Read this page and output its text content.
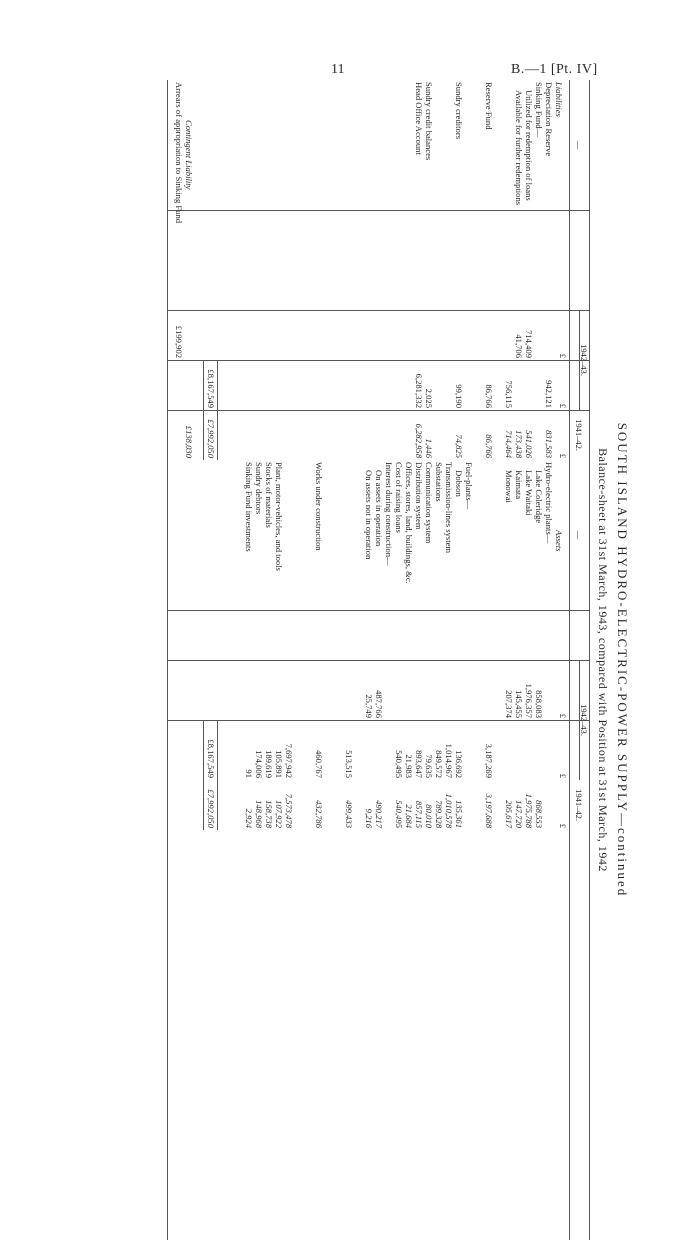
11	B.—1 [Pt. IV]
SOUTH ISLAND HYDRO-ELECTRIC-POWER SUPPLY—continued
Balance-sheet at 31st March, 1943, compared with Position at 31st March, 1942
—
1942–43.
1941–42.
—
1942–43.
1941–42.
£
£
£
£
£
£
Liabilities
Depreciation Reserve
942,121
831,583
Sinking Fund—
Utilized for redemption of loans
714,409
Available for further redemptions
41,706
541,026
173,438
756,115
714,464
Reserve Fund
86,766
86,766
Sundry creditors
99,190
74,825
Sundry credit balances
2,025
1,446
Head Office Account
6,281,332
6,282,958
£8,167,549
£7,992,050
Contingent Liability
Arrears of appropriation to Sinking Fund
£199,902
£138,030
Assets
Hydro-electric plants—
Lake Coleridge
858,083
868,553
Lake Waitaki
1,976,357
1,975,788
Kaimata
145,455
147,720
Monowai
207,374
205,617
3,187,269
3,197,688
Fuel-plants—
Dobson
136,692
135,361
Transmission-lines system
1,014,967
1,010,578
Substations
849,572
789,328
Communication system
79,635
80,010
Distribution system
893,647
857,115
Offices, stores, land, buildings, &c.
21,983
21,684
Cost of raising loans
540,495
540,495
Interest during construction—
On assets in operation
487,766
490,217
On assets not in operation
25,749
9,216
513,515
499,433
Works under construction
460,767
432,786
7,697,942
7,573,478
Plant, motor-vehicles, and tools
105,891
107,922
Stocks of materials
189,619
158,738
Sundry debtors
174,006
148,968
Sinking Fund investments
91
2,924
£8,167,549
£7,992,050
